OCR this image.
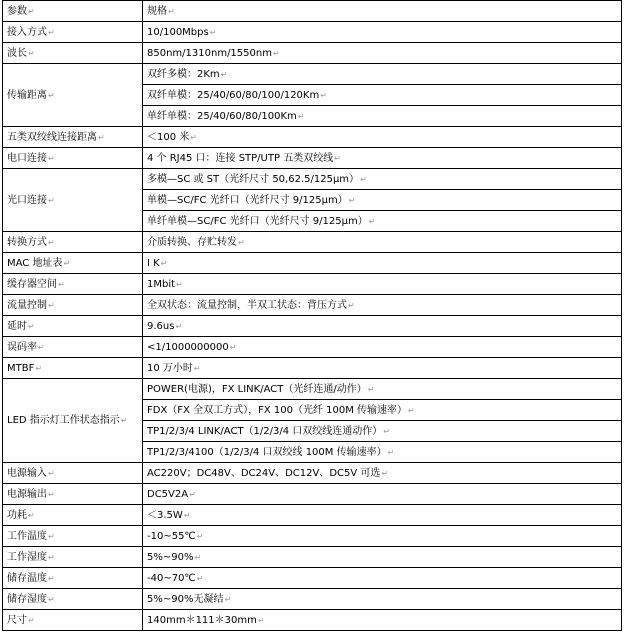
参数↵	规格↵
接入方式↵	10/100Mbps↵
波长↵	850nm/1310nm/1550nm↵
传输距离↵	双纤多模：2Km↵
	双纤单模：25/40/60/80/100/120Km↵
	单纤单模：25/40/60/80/100Km↵
五类双绞线连接距离↵	＜100 米↵
电口连接↵	4 个 RJ45 口：连接 STP/UTP 五类双绞线↵
光口连接↵	多模—SC 或 ST（光纤尺寸 50,62.5/125μm）↵
	单模—SC/FC 光纤口（光纤尺寸 9/125μm）↵
	单纤单模—SC/FC 光纤口（光纤尺寸 9/125μm）↵
转换方式↵	介质转换、存贮转发↵
MAC 地址表↵	I K↵
缓存器空间↵	1Mbit↵
流量控制↵	全双状态：流量控制，半双工状态：背压方式↵
延时↵	9.6us↵
误码率↵	<1/1000000000↵
MTBF↵	10 万小时↵
LED 指示灯工作状态指示↵	POWER(电源)，FX LINK/ACT（光纤连通/动作）↵
	FDX（FX 全双工方式），FX 100（光纤 100M 传输速率）↵
	TP1/2/3/4 LINK/ACT（1/2/3/4 口双绞线连通动作）↵
	TP1/2/3/4100（1/2/3/4 口双绞线 100M 传输速率）↵
电源输入↵	AC220V；DC48V、DC24V、DC12V、DC5V 可选↵
电源输出↵	DC5V2A↵
功耗↵	＜3.5W↵
工作温度↵	-10~55℃↵
工作湿度↵	5%~90%↵
储存温度↵	-40~70℃↵
储存湿度↵	5%~90%无凝结↵
尺寸↵	140mm＊111＊30mm↵
